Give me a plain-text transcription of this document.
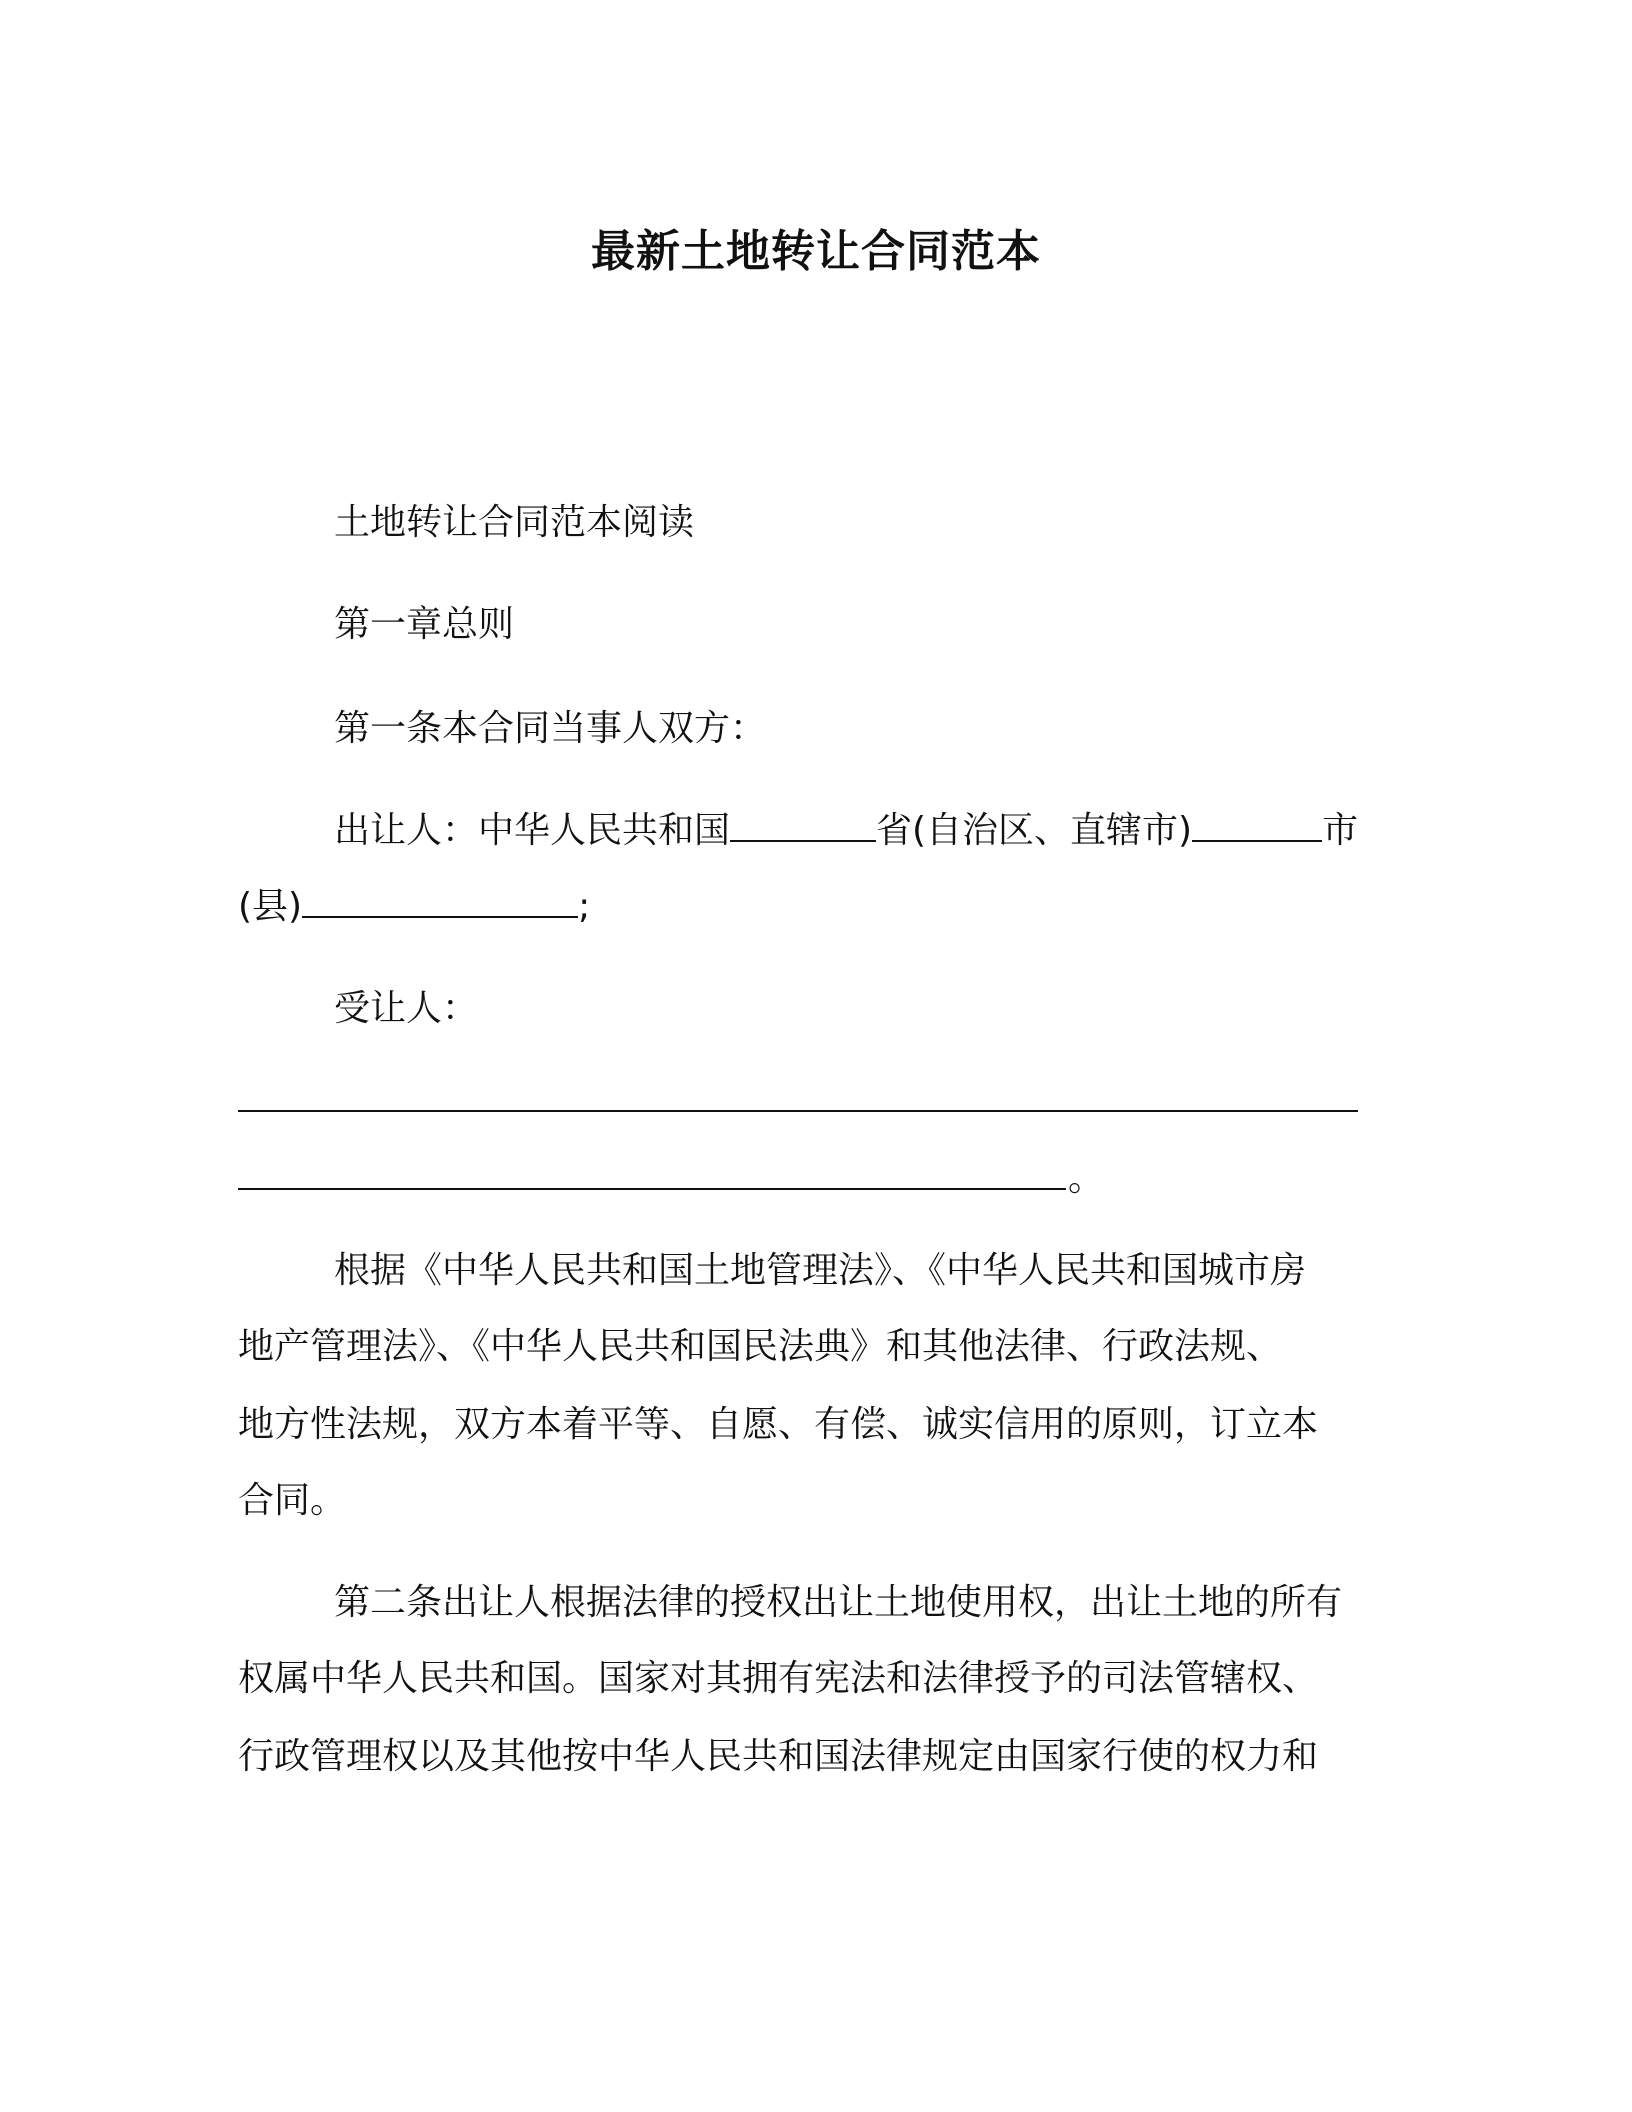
最新土地转让合同范本
土地转让合同范本阅读
第一章总则
第一条本合同当事人双方：
出让人：中华人民共和国	省(自治区、直辖市)	市
(县)	;
受让人：
。
根据《中华人民共和国土地管理法》、《中华人民共和国城市房
地产管理法》、《中华人民共和国民法典》和其他法律、行政法规、
地方性法规，双方本着平等、自愿、有偿、诚实信用的原则，订立本
合同。
第二条出让人根据法律的授权出让土地使用权，出让土地的所有
权属中华人民共和国。国家对其拥有宪法和法律授予的司法管辖权、
行政管理权以及其他按中华人民共和国法律规定由国家行使的权力和
